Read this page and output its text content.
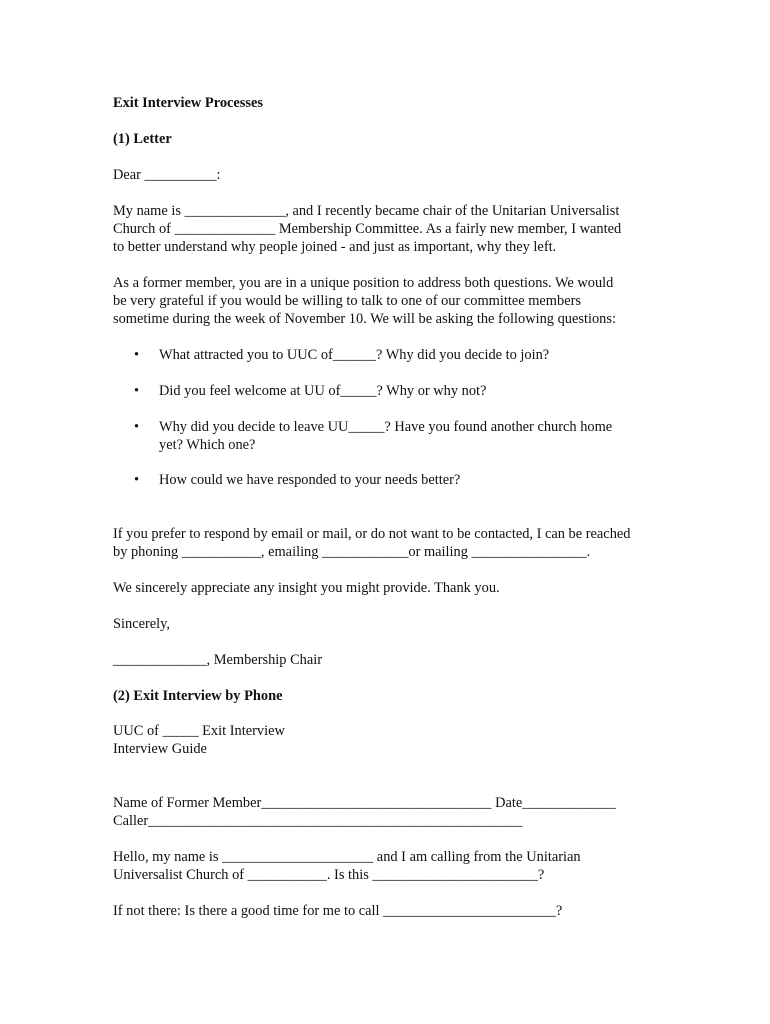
Exit Interview Processes

(1) Letter

Dear __________:

My name is ______________, and I recently became chair of the Unitarian Universalist

Church of ______________ Membership Committee. As a fairly new member, I wanted

to better understand why people joined - and just as important, why they left.

As a former member, you are in a unique position to address both questions. We would

be very grateful if you would be willing to talk to one of our committee members

sometime during the week of November 10. We will be asking the following questions:

• What attracted you to UUC of______? Why did you decide to join?
• Did you feel welcome at UU of_____? Why or why not?
• Why did you decide to leave UU_____? Have you found another church home
yet? Which one?
• How could we have responded to your needs better?

If you prefer to respond by email or mail, or do not want to be contacted, I can be reached

by phoning ___________, emailing ____________or mailing ________________.

We sincerely appreciate any insight you might provide. Thank you.

Sincerely,

_____________, Membership Chair

(2) Exit Interview by Phone

UUC of _____ Exit Interview

Interview Guide

Name of Former Member________________________________ Date_____________

Caller____________________________________________________

Hello, my name is _____________________ and I am calling from the Unitarian

Universalist Church of ___________. Is this _______________________?

If not there: Is there a good time for me to call ________________________?
